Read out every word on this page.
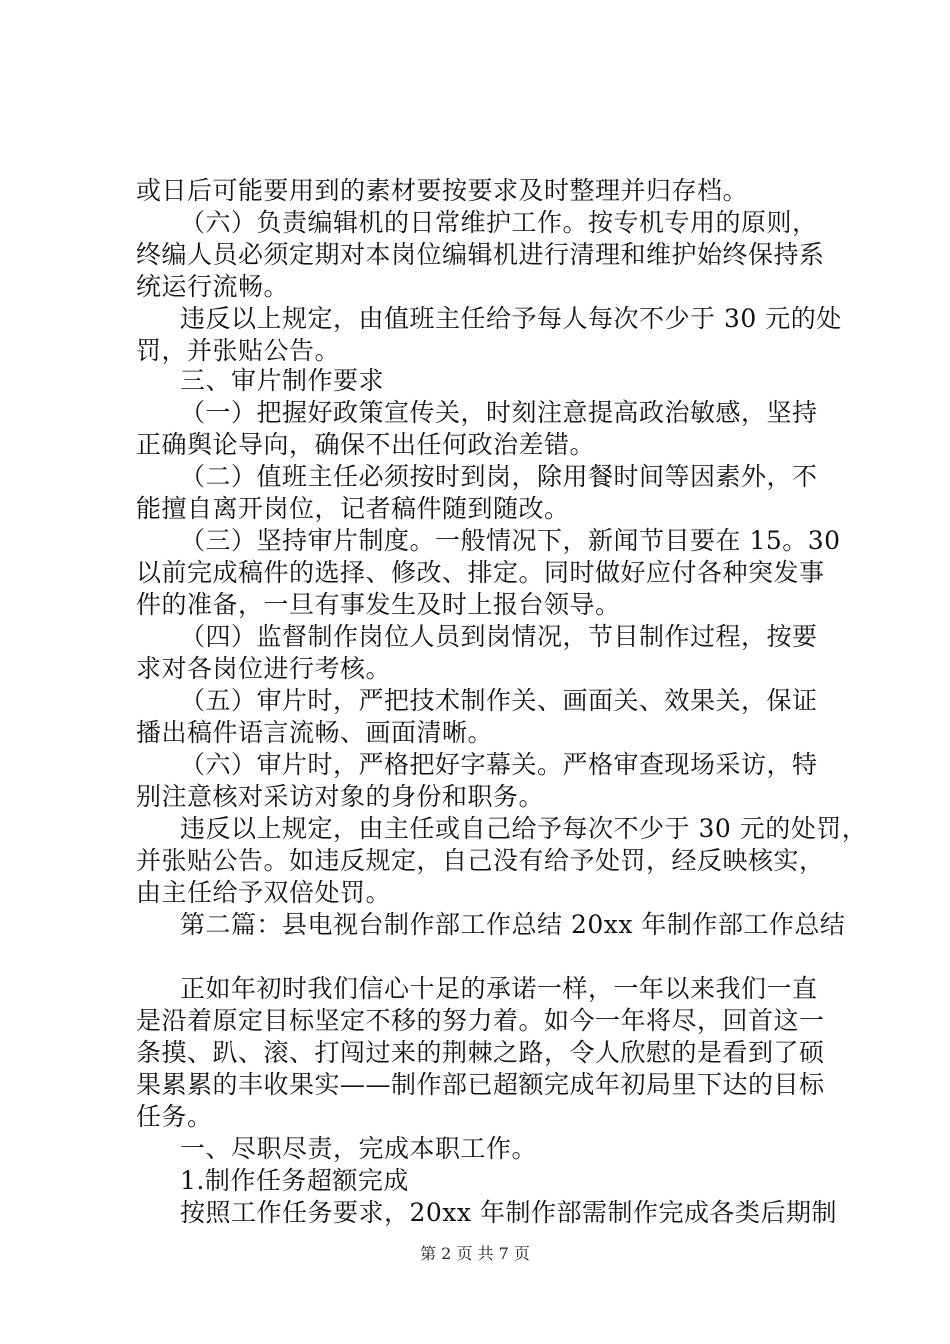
或日后可能要用到的素材要按要求及时整理并归存档。
（六）负责编辑机的日常维护工作。按专机专用的原则，
终编人员必须定期对本岗位编辑机进行清理和维护始终保持系
统运行流畅。
违反以上规定，由值班主任给予每人每次不少于 30 元的处
罚，并张贴公告。
三、审片制作要求
（一）把握好政策宣传关，时刻注意提高政治敏感，坚持
正确舆论导向，确保不出任何政治差错。
（二）值班主任必须按时到岗，除用餐时间等因素外，不
能擅自离开岗位，记者稿件随到随改。
（三）坚持审片制度。一般情况下，新闻节目要在 15。30
以前完成稿件的选择、修改、排定。同时做好应付各种突发事
件的准备，一旦有事发生及时上报台领导。
（四）监督制作岗位人员到岗情况，节目制作过程，按要
求对各岗位进行考核。
（五）审片时，严把技术制作关、画面关、效果关，保证
播出稿件语言流畅、画面清晰。
（六）审片时，严格把好字幕关。严格审查现场采访，特
别注意核对采访对象的身份和职务。
违反以上规定，由主任或自己给予每次不少于 30 元的处罚，
并张贴公告。如违反规定，自己没有给予处罚，经反映核实，
由主任给予双倍处罚。
第二篇：县电视台制作部工作总结 20xx 年制作部工作总结
正如年初时我们信心十足的承诺一样，一年以来我们一直
是沿着原定目标坚定不移的努力着。如今一年将尽，回首这一
条摸、趴、滚、打闯过来的荆棘之路，令人欣慰的是看到了硕
果累累的丰收果实——制作部已超额完成年初局里下达的目标
任务。
一、尽职尽责，完成本职工作。
1.制作任务超额完成
按照工作任务要求，20xx 年制作部需制作完成各类后期制
第 2 页 共 7 页
